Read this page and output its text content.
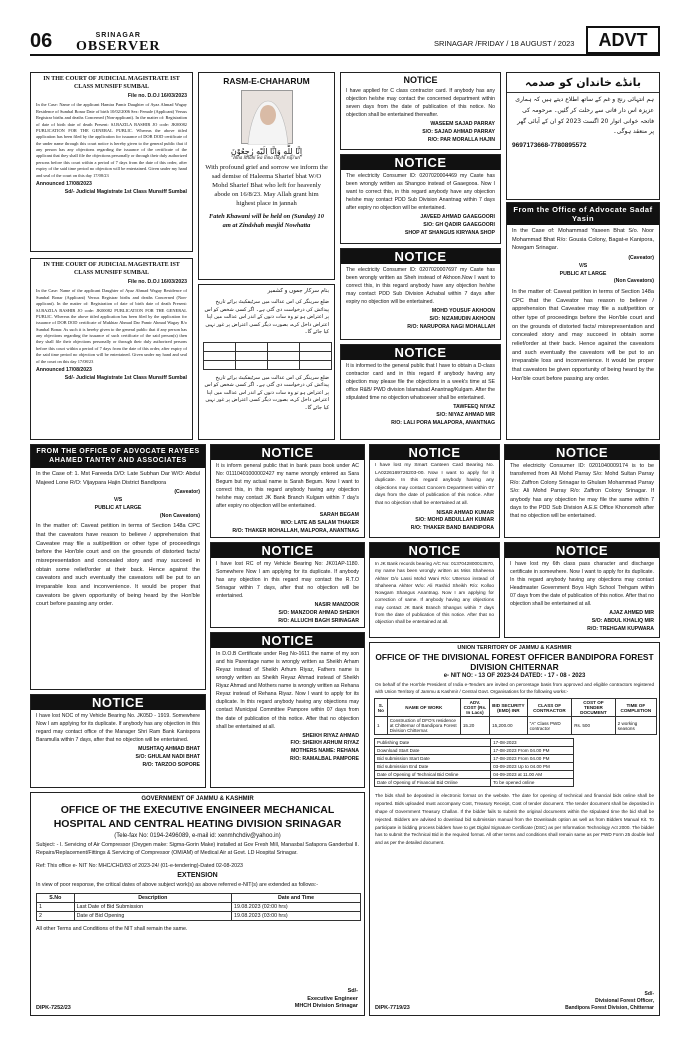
06	SRINAGAR
OBSERVER	SRINAGAR /FRIDAY / 18 AUGUST / 2023	ADVT
IN THE COURT OF JUDICIAL MAGISTRATE IST CLASS MUNSIFF SUMBAL
File no. D.O.I 16/03/2023
In the Case: Name of the applicant Hamira Pamir Daughter of Ayaz Ahmad Wagay Residence of Sumbal Bonar Date of birth 10/02/2006 Sex: Female (Applicant) Versus Registrar births and deaths Concerned (Non-applicant). In the matter of: Registration of date of birth date of death Present: SJ.BAZILA BASHIR JO code: JK00082 PUBLICATION FOR THE GENERAL PUBLIC. Whereas the above titled application has been filed by the application for issuance of DOB DOD certificate of the under name through this court notice is hereby given to the general public that if any person has any objections regarding the issuance of the certificate of the applicant that they shall file the objections personally or through their duly authorized persons before this court within a period of 7 days from the date of this order, after expiry of the said time period no objection will be entertained. Given under my hand and seal of the court on this day 17/08/23
Announced 17/08/2023
Sd/- Judicial Magistrate 1st Class Munsiff Sumbal
IN THE COURT OF JUDICIAL MAGISTRATE IST CLASS MUNSIFF SUMBAL
File no. D.O.I 16/03/2023
In the Case: Name of the applicant Daughter of Ayaz Ahmad Wagay Residence of Sumbal Bonar (Applicant) Versus Registrar births and deaths Concerned (Non-applicant). In the matter of: Registration of date of birth date of death Present: SJ.BAZILA BASHIR JO code: JK00082 PUBLICATION FOR THE GENERAL PUBLIC. Whereas the above titled application has been filed by the application for issuance of DOB DOD certificate of Mukhtar Ahmad Dar Pamir Ahmad Wagay R/o Sumbal Bonar. As such it is hereby given to the general public that if any person has any objections regarding the issuance of such certificate of the said person(s) then they shall file their objections personally or through their duly authorized persons before this court within a period of 7 days from the date of this order, after expiry of the said time period no objection will be entertained. Given under my hand and seal of the court on this day 17/08/23
Announced 17/08/2023
Sd/- Judicial Magistrate 1st Class Munsiff Sumbal
RASM-E-CHAHARUM
اِنَّا لِلّٰهِ وَاِنَّا اِلَيْهِ رٰجِعُوْنَ
"Inna lillahi wa inna ilayhi raji'un"
With profound grief and sorrow we inform the sad demise of Haleema Sharief bhat W/O Mohd Sharief Bhat who left for heavenly abode on 16/8/23. May Allah grant him highest place in jannah
Fateh Khawani will be held on (Sunday) 10 am at Zindshah masjid Nowhatta
بنام سرکار جموں و کشمیر
ضلع سرینگر کی اس عدالت میں سرٹیفکیٹ برائے تاریخ پیدائش کی درخواست دی گئی ہے۔ اگر کسی شخص کو اس پر اعتراض ہو تو وہ سات دنوں کے اندر اس عدالت میں اپنا اعتراض داخل کرے، بصورت دیگر کسی اعتراض پر غور نہیں کیا جائے گا۔

ضلع سرینگر کی اس عدالت میں سرٹیفکیٹ برائے تاریخ پیدائش کی درخواست دی گئی ہے۔ اگر کسی شخص کو اس پر اعتراض ہو تو وہ سات دنوں کے اندر اس عدالت میں اپنا اعتراض داخل کرے، بصورت دیگر کسی اعتراض پر غور نہیں کیا جائے گا۔
NOTICE
I have applied for C class contractor card. If anybody has any objection he/she may contact the concerned department within seven days from the date of publication of this notice. No objection shall be entertained thereafter.
WASEEM SAJAD PARRAY
S/O: SAJAD AHMAD PARRAY
R/O: PAR MORALLA HAJIN
NOTICE
The electricity Consumer ID: 0207020004469 my Caste has been wrongly written as Shangoo instead of Gaaegooa. Now I want to correct this, in this regard anybody have any objection he/she may contact PDD Sub Division Anantnag within 7 days after expiry no objection will be entertained.
JAVEED AHMAD GAAEGOORI
S/O: GH QADIR GAAEGOORI
SHOP AT SHANGUS KIRYANA SHOP
NOTICE
The electricity Consumer ID: 0207020007697 my Caste has been wrongly written as Sheh instead of Akhoon.Now I want to correct this, in this regard anybody have any objection he/she may contact PDD Sub Division Achabal within 7 days after expiry no objection will be entertained.
MOHD YOUSUF AKHOON
S/O: NIZAMUDIN AKHOON
R/O: NARUPORA NAGI MOHALLAH
NOTICE
It is informed to the general public that I have to obtain a D-class contractor card and in this regard if anybody having any objection may please file the objections in a week's time at SE office R&B/ PWD division Islamabad Anantnag/Kulgam. After the stipulated time no objection whatsoever shall be entertained.
TAWFEEQ NIYAZ
S/O: NIYAZ AHMAD MIR
R/O: LALI PORA MALAPORA, ANANTNAG
بانڈے خاندان کو صدمہ
ہم انتہائی رنج و غم کے ساتھ اطلاع دیتے ہیں کہ ہماری عزیزہ اس دار فانی سے رحلت کر گئیں۔ مرحومہ کی فاتحہ خوانی اتوار 20 اگست 2023 کو ان کے آبائی گھر پر منعقد ہوگی۔
9697173668-7780895572
From the Office of Advocate Sadaf Yasin
In the Case of: Mohammad Yaseen Bhat S/o. Noor Mohammad Bhat R/o: Gousia Colony, Bagat-e Kanipora, Nowgam Srinagar.
(Caveator)
V/S
PUBLIC AT LARGE
(Non Caveators)
In the matter of: Caveat petition in terms of Section 148a CPC that the Caveator has reason to believe / apprehension that Caveatee may file a suit/petition or other type of proceedings before the Hon'ble court and on the grounds of distorted facts/ misrepresentation and concealed story and may succeed in obtain some relief/order at their back. Hence against the caveators and such eventually the caveators will be put to an irreparable loss and inconvenience. It would be proper that caveators be given opportunity of being heard by the Hon'ble court before passing any order.
FROM THE OFFICE OF ADVOCATE RAYEES AHAMED TANTRY AND ASSOCIATES
In the Case of: 1. Mst Fareeda D/O: Late Subhan Dar W/O: Abdul Majeed Lone R/O: Vijaypara Hajin District Bandipora
(Caveator)
V/S
PUBLIC AT LARGE
(Non Caveators)
In the matter of: Caveat petition in terms of Section 148a CPC that the caveators have reason to believe / apprehension that Caveatee may file a suit/petition or other type of proceedings before the Hon'ble court and on the grounds of distorted facts/ misrepresentation and concealed story and may succeed in obtain some relief/order at their back. Hence against the caveators and such eventually the caveators will be put to an irreparable loss and inconvenience. It would be proper that caveators be given opportunity of being heard by the Hon'ble court before passing any order.
NOTICE
I have lost NOC of my Vehicle Bearing No. JK05D - 1919. Somewhere Now I am applying for its duplicate. If anybody has any objection in this regard may contact office of the Manager Shri Ram Bank Kanispora Baramulla within 7 days, after that no objection will be entertained.
MUSHTAQ AHMAD BHAT
S/O: GHULAM NADI BHAT
R/O: TARZOO SOPORE
NOTICE
It is inform general public that in bank pass book under AC No: 01110401000002427 my name wrongly entered as Sara Begum but my actual name is Sarah Begum. Now I want to correct this, in this regard anybody having any objection he/she may contact JK Bank Branch Kulgam within 7 day's after expiry no objection will be entertained.
SARAH BEGAM
W/O: LATE AB SALAM THAKER
R/O: THAKER MOHALLAH, MALPORA, ANANTNAG
NOTICE
I have lost RC of my Vehicle Bearing No: JK01AP-1180. Somewhere Now I am applying for its duplicate. If anybody has any objection in this regard may contact the R.T.O Srinagar within 7 days, after that no objection will be entertained.
NASIR MANZOOR
S/O: MANZOOR AHMAD SHEIKH
R/O: ALLUCHI BAGH SRINAGAR
NOTICE
In D.O.B Certificate under Reg No-1611 the name of my son and his Parentage name is wrongly written as Sheikh Arham Reyaz instead of Sheikh Arhum Riyaz, Fathers name is wrongly written as Sheikh Reyaz Ahmad instead of Sheikh Riyaz Ahmad and Mothers name is wrongly written as Rehana Reyaz instead of Rehana Riyaz. Now I want to apply for its duplicate. In this regard anybody having any objections may contact Municipal Committee Pampore within 07 days from the date of publication of this notice. After that no objection shall be entertained at all.
SHEIKH RIYAZ AHMAD
F/O: SHEIKH ARHUM RIYAZ
MOTHERS NAME: REHANA
R/O: RAMALBAL PAMPORE
NOTICE
I have lost my Smart Canteen Card Bearing No. LA0226169726203-00. Now I want to apply for it duplicate. In this regard anybody having any objections may contact Concern Department within 07 days from the date of publication of this notice. After that no objection shall be entertained at all.
NISAR AHMAD KUMAR
S/O: MOHD ABDULLAH KUMAR
R/O: THAKER BAND BANDIPORA
NOTICE
In JK Bank records bearing A/C No: 0137042800013570, my name has been wrongly written as Miss Shaheena Akhter D/o Lassi Mohd Wani R/o: Uttersoo instead of Shaheena Akhter W/o: Ali Rashid Sheikh R/o: Kolloo Nowgam Shangus Anantnag. Now I am applying for correction of same. If anybody having any objections may contact JK Bank Branch Shangus within 7 days from the date of publication of this notice. After that no objection shall be entertained at all.
NOTICE
The electricity Consumer ID: 0201040009174 is to be transferred from Ali Mohd Parray S/o: Mohd Sultan Parray R/o: Zaffron Colony Srinagar to Ghulam Mohammad Parray S/o: Ali Mohd Parray R/o: Zaffron Colony Srinagar. If anybody has any objection he may file the same within 7 days to the PDD Sub Division A.E.E Office Khonomoh after that no objection will be entertained.
NOTICE
I have lost my 6th class pass character and discharge certificate in somewhere. Now I want to apply for its duplicate. In this regard anybody having any objections may contact Headmaster Government Boys High School Trehgam within 07 days from the date of publication of this notice. After that no objection shall be entertained at all.
AJAZ AHMED MIR
S/O: ABDUL KHALIQ MIR
R/O: TREHGAM KUPWARA
UNION TERRITORY OF JAMMU & KASHMIR
OFFICE OF THE DIVISIONAL FOREST OFFICER BANDIPORA FOREST DIVISION CHITERNAR
e- NIT NO: - 13 OF 2023-24 DATED: - 17 - 08 - 2023
On behalf of the Hon'ble President of India e-Tenders are invited on percentage basis from approved and eligible contractors registered with Union Territory of Jammu & Kashmir / Central Govt. Organisations for the following works:-
S. No	NAME OF WORK	ADV. COST (Rs. In Lacs)	BID SECURITY (EMD) INR	CLASS OF CONTRACTOR	COST OF TENDER DOCUMENT	TIME OF COMPLETION
1	Construction of DFO's residence at Chitternar of Bandipora Forest Division Chitternar.	15.20	15,200.00	"A" Class PWD contractor	Rs. 500	2 working seasons
Publishing Date	17-08-2023
Download Start Date	17-08-2023 From 04.00 PM
Bid submission Start Date	17-08-2023 From 04.00 PM
Bid submission End Date	03-09-2023 Up to 04.00 PM
Date of Opening of Technical Bid Online	04-09-2023 at 11.00 AM
Date of Opening of Financial Bid Online	To be opened online
The bids shall be deposited in electronic format on the website. The date for opening of technical and financial bids online shall be reported. Bids uploaded must accompany Cost, Treasury Receipt, Cost of tender document. The tender document shall be deposited in shape of Government Treasury Challan. If the bidder fails to submit the original documents within the stipulated time the bid shall be rejected. Bidders are advised to download bid submission manual from the Downloads option as well as from Bidders Manual Kit. To participate in bidding process bidders have to get Digital Signature Certificate (DSC) as per Information Technology Act 2000. The bidder has to submit the Technical Bid in the required format. All other terms and conditions shall remain same as per PWD Form 25 double leaf and as per the detailed document.
DIPK-7719/23
Sd/-
Divisional Forest Officer,
Bandipora Forest Division, Chitternar
GOVERNMENT OF JAMMU & KASHMIR
OFFICE OF THE EXECUTIVE ENGINEER MECHANICAL HOSPITAL AND CENTRAL HEATING DIVISION SRINAGAR
(Tele-fax No: 0194-2496089, e-mail id: xenmhchdiv@yahoo.in)
Subject: - I. Servicing of Air Compressor (Oxygen make: Sigma-Gorin Make) installed at Gov Fresh Mill, Manasbal Safapora Ganderbal II. Repairs/Replacement/Fittings & Servicing of Compressor (OM/AM) of Medical Air at Govt. LD Hospital Srinagar.
Ref: This office e- NIT No: MHC/CHD/83 of 2023-24/ (01-e-tendering)-Dated 02-08-2023
EXTENSION
In view of poor response, the critical dates of above subject work(s) as above referred e-NIT(s) are extended as follows:-
S.No	Description	Date and Time
1	Last Date of Bid Submission	19.08.2023 (02:00 hrs)
2	Date of Bid Opening	19.08.2023 (03:00 hrs)
All other Terms and Conditions of the NIT shall remain the same.
DIPK-7252/23
Sd/-
Executive Engineer
MHCH Division Srinagar
